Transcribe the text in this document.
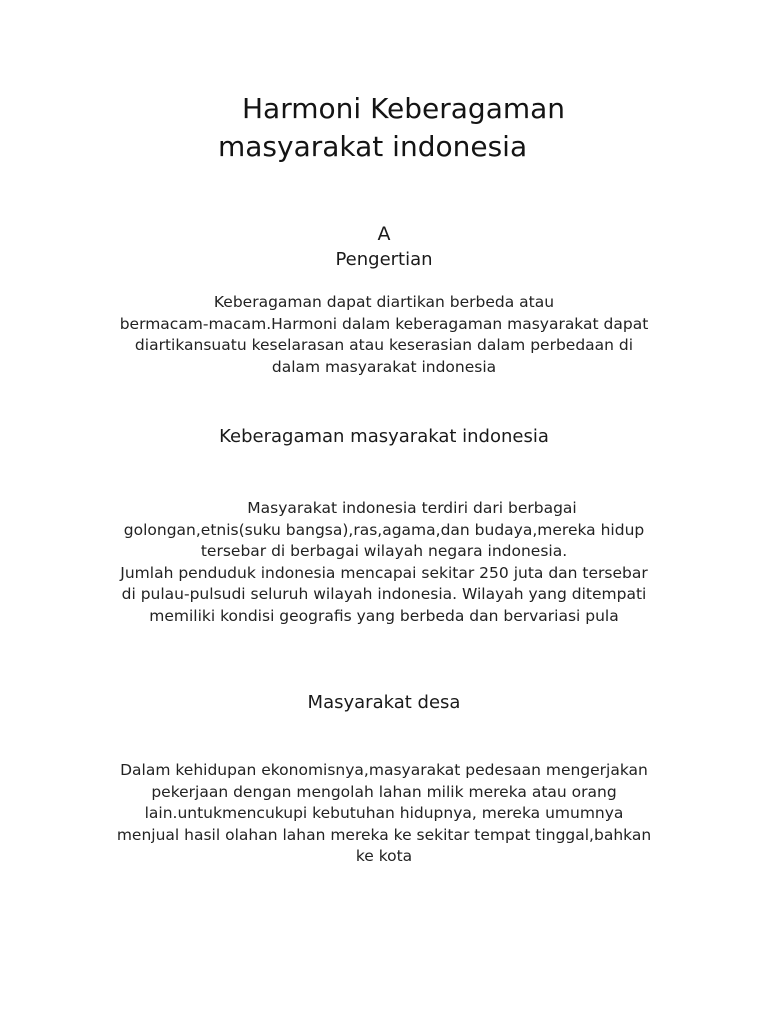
Harmoni Keberagaman
masyarakat indonesia
A
Pengertian
Keberagaman dapat diartikan berbeda atau
bermacam-macam.Harmoni dalam keberagaman masyarakat dapat
diartikansuatu keselarasan atau keserasian dalam perbedaan di
dalam masyarakat indonesia
Keberagaman masyarakat indonesia
Masyarakat indonesia terdiri dari berbagai
golongan,etnis(suku bangsa),ras,agama,dan budaya,mereka hidup
tersebar di berbagai wilayah negara indonesia.
Jumlah penduduk indonesia mencapai sekitar 250 juta dan tersebar
di pulau-pulsudi seluruh wilayah indonesia. Wilayah yang ditempati
memiliki kondisi geografis yang berbeda dan bervariasi pula
Masyarakat desa
Dalam kehidupan ekonomisnya,masyarakat pedesaan mengerjakan
pekerjaan dengan mengolah lahan milik mereka atau orang
lain.untukmencukupi kebutuhan hidupnya, mereka umumnya
menjual hasil olahan lahan mereka ke sekitar tempat tinggal,bahkan
ke kota
